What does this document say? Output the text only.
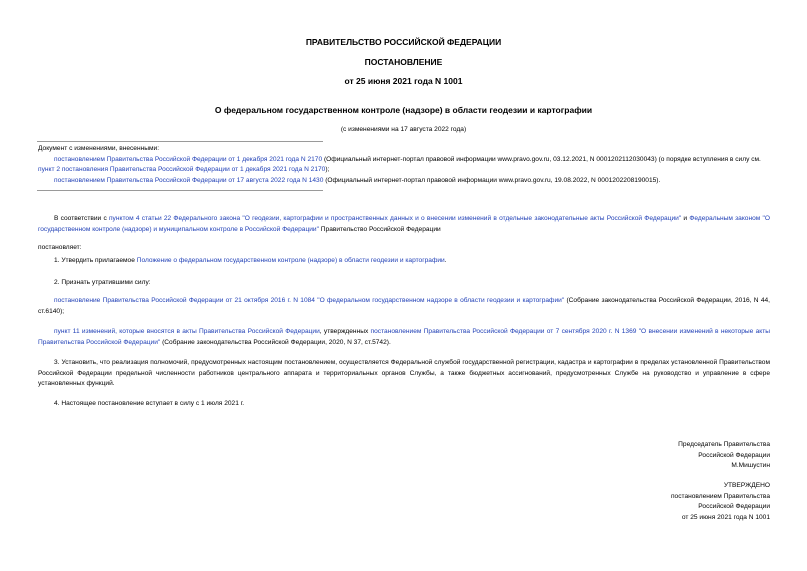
ПРАВИТЕЛЬСТВО РОССИЙСКОЙ ФЕДЕРАЦИИ
ПОСТАНОВЛЕНИЕ
от 25 июня 2021 года N 1001
О федеральном государственном контроле (надзоре) в области геодезии и картографии
(с изменениями на 17 августа 2022 года)
Документ с изменениями, внесенными:
постановлением Правительства Российской Федерации от 1 декабря 2021 года N 2170 (Официальный интернет-портал правовой информации www.pravo.gov.ru, 03.12.2021, N 0001202112030043) (о порядке вступления в силу см. пункт 2 постановления Правительства Российской Федерации от 1 декабря 2021 года N 2170);
постановлением Правительства Российской Федерации от 17 августа 2022 года N 1430 (Официальный интернет-портал правовой информации www.pravo.gov.ru, 19.08.2022, N 0001202208190015).
В соответствии с пунктом 4 статьи 22 Федерального закона "О геодезии, картографии и пространственных данных и о внесении изменений в отдельные законодательные акты Российской Федерации" и Федеральным законом "О государственном контроле (надзоре) и муниципальном контроле в Российской Федерации" Правительство Российской Федерации
постановляет:
1. Утвердить прилагаемое Положение о федеральном государственном контроле (надзоре) в области геодезии и картографии.
2. Признать утратившими силу:
постановление Правительства Российской Федерации от 21 октября 2016 г. N 1084 "О федеральном государственном надзоре в области геодезии и картографии" (Собрание законодательства Российской Федерации, 2016, N 44, ст.6140);
пункт 11 изменений, которые вносятся в акты Правительства Российской Федерации, утвержденных постановлением Правительства Российской Федерации от 7 сентября 2020 г. N 1369 "О внесении изменений в некоторые акты Правительства Российской Федерации" (Собрание законодательства Российской Федерации, 2020, N 37, ст.5742).
3. Установить, что реализация полномочий, предусмотренных настоящим постановлением, осуществляется Федеральной службой государственной регистрации, кадастра и картографии в пределах установленной Правительством Российской Федерации предельной численности работников центрального аппарата и территориальных органов Службы, а также бюджетных ассигнований, предусмотренных Службе на руководство и управление в сфере установленных функций.
4. Настоящее постановление вступает в силу с 1 июля 2021 г.
Председатель Правительства
Российской Федерации
М.Мишустин
УТВЕРЖДЕНО
постановлением Правительства
Российской Федерации
от 25 июня 2021 года N 1001
